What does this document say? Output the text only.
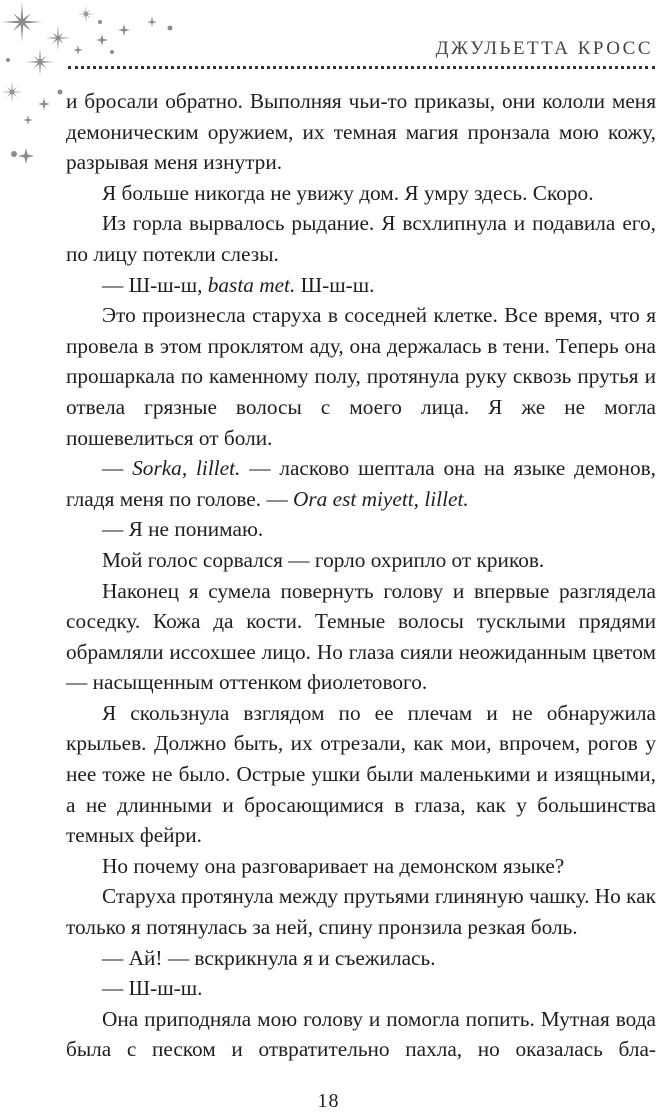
ДЖУЛЬЕТТА КРОСС

и бросали обратно. Выполняя чьи-то приказы, они кололи меня демоническим оружием, их темная магия пронзала мою кожу, разрывая меня изнутри.

Я больше никогда не увижу дом. Я умру здесь. Скоро.

Из горла вырвалось рыдание. Я всхлипнула и подавила его, по лицу потекли слезы.

— Ш-ш-ш, basta met. Ш-ш-ш.

Это произнесла старуха в соседней клетке. Все время, что я провела в этом проклятом аду, она держалась в тени. Теперь она прошаркала по каменному полу, протянула руку сквозь прутья и отвела грязные волосы с моего лица. Я же не могла пошевелиться от боли.

— Sorka, lillet. — ласково шептала она на языке демонов, гладя меня по голове. — Ora est miyett, lillet.

— Я не понимаю.

Мой голос сорвался — горло охрипло от криков.

Наконец я сумела повернуть голову и впервые разглядела соседку. Кожа да кости. Темные волосы тусклыми прядями обрамляли иссохшее лицо. Но глаза сияли неожиданным цветом — насыщенным оттенком фиолетового.

Я скользнула взглядом по ее плечам и не обнаружила крыльев. Должно быть, их отрезали, как мои, впрочем, рогов у нее тоже не было. Острые ушки были маленькими и изящными, а не длинными и бросающимися в глаза, как у большинства темных фейри.

Но почему она разговаривает на демонском языке?

Старуха протянула между прутьями глиняную чашку. Но как только я потянулась за ней, спину пронзила резкая боль.

— Ай! — вскрикнула я и съежилась.

— Ш-ш-ш.

Она приподняла мою голову и помогла попить. Мутная вода была с песком и отвратительно пахла, но оказалась бла-

18
